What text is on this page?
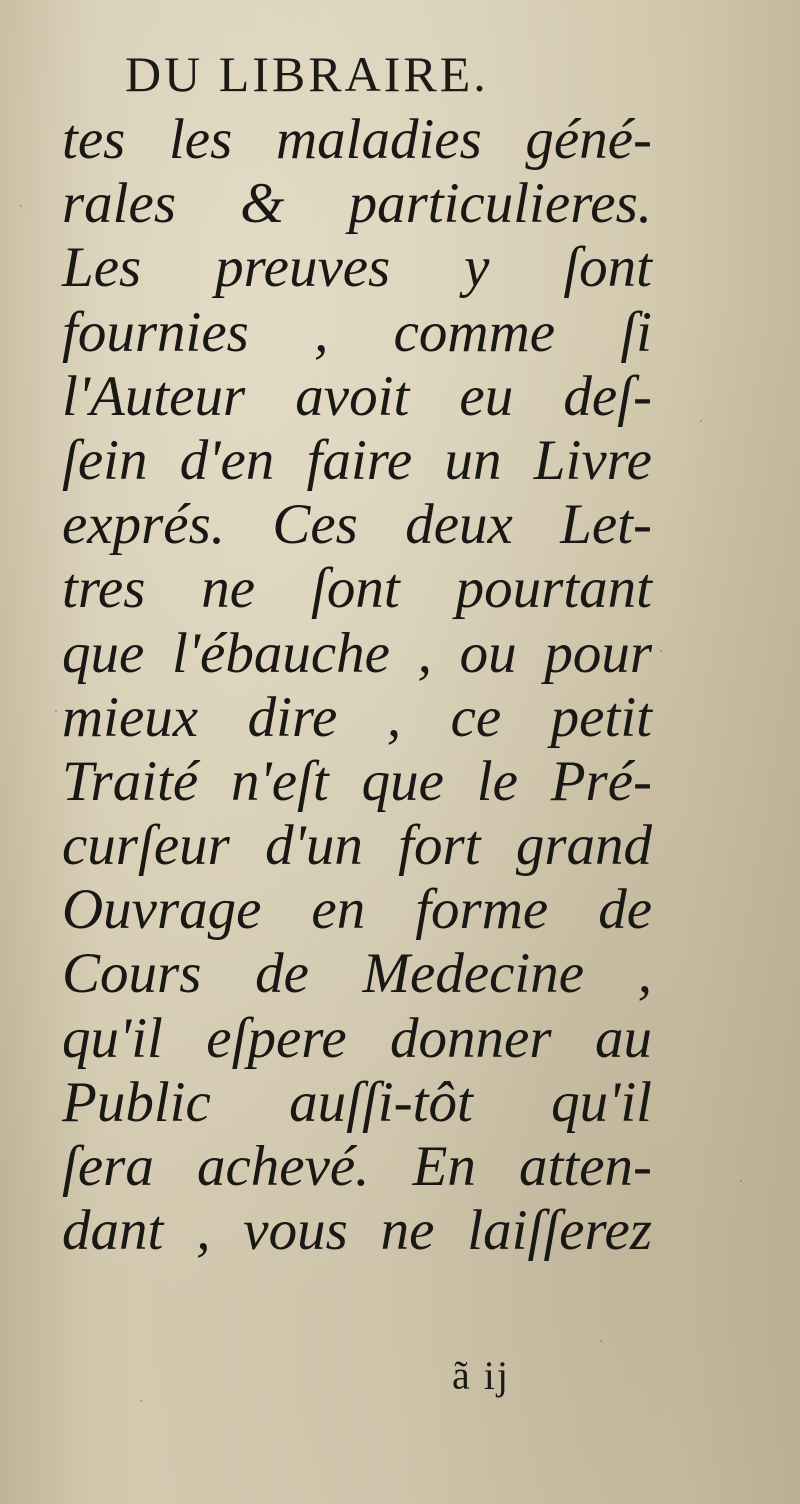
DU LIBRAIRE.
tes les maladies géné-
rales & particulieres.
Les preuves y ſont
fournies , comme ſi
l'Auteur avoit eu deſ-
ſein d'en faire un Livre
exprés. Ces deux Let-
tres ne ſont pourtant
que l'ébauche , ou pour
mieux dire , ce petit
Traité n'eſt que le Pré-
curſeur d'un fort grand
Ouvrage en forme de
Cours de Medecine ,
qu'il eſpere donner au
Public auſſi-tôt qu'il
ſera achevé. En atten-
dant , vous ne laiſſerez
ã ij
